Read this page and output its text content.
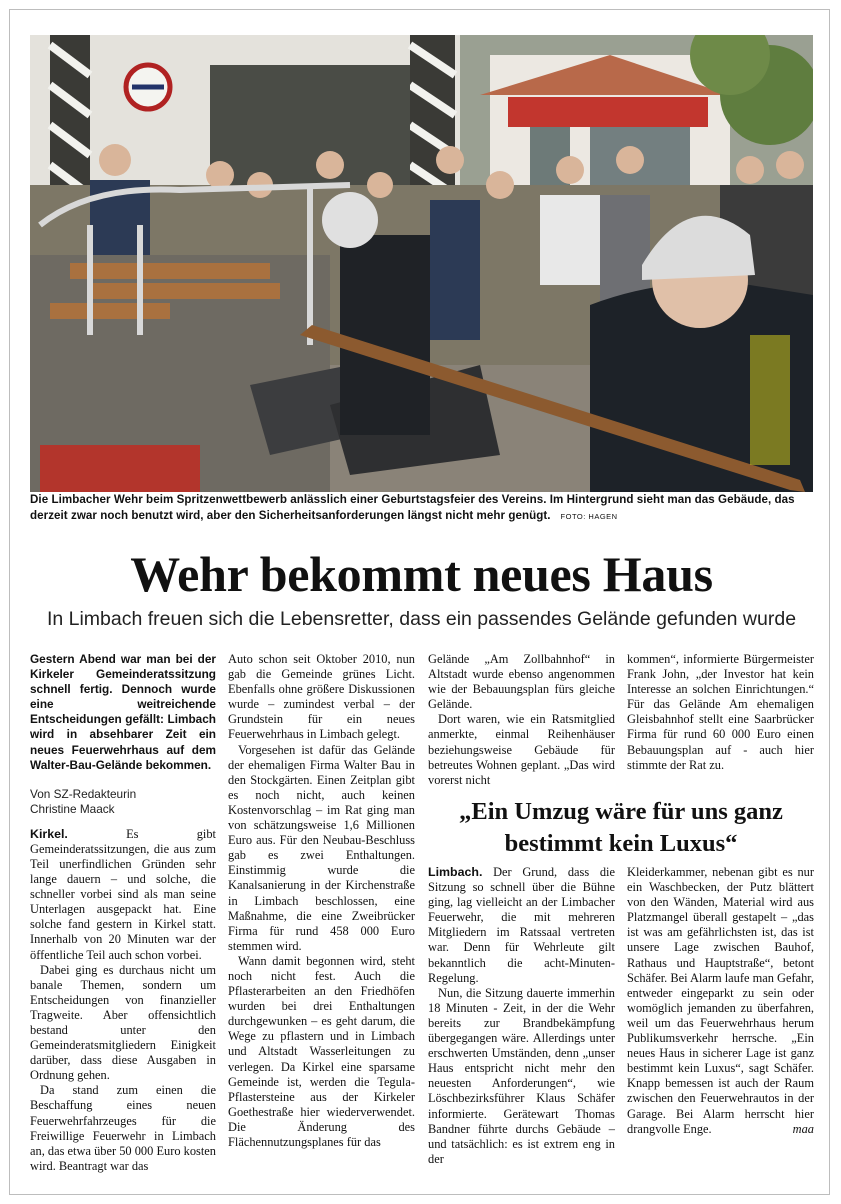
Die Limbacher Wehr beim Spritzenwettbewerb anlässlich einer Geburtstagsfeier des Vereins. Im Hintergrund sieht man das Gebäude, das derzeit zwar noch benutzt wird, aber den Sicherheitsanforderungen längst nicht mehr genügt. FOTO: HAGEN
Wehr bekommt neues Haus
In Limbach freuen sich die Lebensretter, dass ein passendes Gelände gefunden wurde

Gestern Abend war man bei der Kirkeler Gemeinderatssitzung schnell fertig. Dennoch wurde eine weitreichende Entscheidungen gefällt: Limbach wird in absehbarer Zeit ein neues Feuerwehrhaus auf dem Walter-Bau-Gelände bekommen.

Von SZ-Redakteurin
Christine Maack

Kirkel.	Es gibt Gemeinderatssitzungen, die aus zum Teil unerfindlichen Gründen sehr lange dauern – und solche, die schneller vorbei sind als man seine Unterlagen ausgepackt hat. Eine solche fand gestern in Kirkel statt. Innerhalb von 20 Minuten war der öffentliche Teil auch schon vorbei.

Dabei ging es durchaus nicht um banale Themen, sondern um Entscheidungen von finanzieller Tragweite. Aber offensichtlich bestand unter den Gemeinderatsmitgliedern Einigkeit darüber, dass diese Ausgaben in Ordnung gehen.

Da stand zum einen die Beschaffung eines neuen Feuerwehrfahrzeuges für die Freiwillige Feuerwehr in Limbach an, das etwa über 50 000 Euro kosten wird. Beantragt war das

Auto schon seit Oktober 2010, nun gab die Gemeinde grünes Licht. Ebenfalls ohne größere Diskussionen wurde – zumindest verbal – der Grundstein für ein neues Feuerwehrhaus in Limbach gelegt.

Vorgesehen ist dafür das Gelände der ehemaligen Firma Walter Bau in den Stockgärten. Einen Zeitplan gibt es noch nicht, auch keinen Kostenvorschlag – im Rat ging man von schätzungsweise 1,6 Millionen Euro aus. Für den Neubau-Beschluss gab es zwei Enthaltungen. Einstimmig wurde die Kanalsanierung in der Kirchenstraße in Limbach beschlossen, eine Maßnahme, die eine Zweibrücker Firma für rund 458 000 Euro stemmen wird.

Wann damit begonnen wird, steht noch nicht fest. Auch die Pflasterarbeiten an den Friedhöfen wurden bei drei Enthaltungen durchgewunken – es geht darum, die Wege zu pflastern und in Limbach und Altstadt Wasserleitungen zu verlegen. Da Kirkel eine sparsame Gemeinde ist, werden die Tegula-Pflastersteine aus der Kirkeler Goethestraße hier wiederverwendet. Die Änderung des Flächennutzungsplanes für das

Gelände „Am Zollbahnhof“ in Altstadt wurde ebenso angenommen wie der Bebauungsplan fürs gleiche Gelände.

Dort waren, wie ein Ratsmitglied anmerkte, einmal Reihenhäuser beziehungsweise Gebäude für betreutes Wohnen geplant. „Das wird vorerst nicht

kommen“, informierte Bürgermeister Frank John, „der Investor hat kein Interesse an solchen Einrichtungen.“ Für das Gelände Am ehemaligen Gleisbahnhof stellt eine Saarbrücker Firma für rund 60 000 Euro einen Bebauungsplan auf - auch hier stimmte der Rat zu.

„Ein Umzug wäre für uns ganz bestimmt kein Luxus“

Limbach. Der Grund, dass die Sitzung so schnell über die Bühne ging, lag vielleicht an der Limbacher Feuerwehr, die mit mehreren Mitgliedern im Ratssaal vertreten war. Denn für Wehrleute gilt bekanntlich die acht-Minuten-Regelung.

Nun, die Sitzung dauerte immerhin 18 Minuten - Zeit, in der die Wehr bereits zur Brandbekämpfung übergegangen wäre. Allerdings unter erschwerten Umständen, denn „unser Haus entspricht nicht mehr den neuesten Anforderungen“, wie Löschbezirksführer Klaus Schäfer informierte. Gerätewart Thomas Bandner führte durchs Gebäude – und tatsächlich: es ist extrem eng in der

Kleiderkammer, nebenan gibt es nur ein Waschbecken, der Putz blättert von den Wänden, Material wird aus Platzmangel überall gestapelt – „das ist was am gefährlichsten ist, das ist unsere Lage zwischen Bauhof, Rathaus und Hauptstraße“, betont Schäfer. Bei Alarm laufe man Gefahr, entweder eingeparkt zu sein oder womöglich jemanden zu überfahren, weil um das Feuerwehrhaus herum Publikumsverkehr herrsche. „Ein neues Haus in sicherer Lage ist ganz bestimmt kein Luxus“, sagt Schäfer. Knapp bemessen ist auch der Raum zwischen den Feuerwehrautos in der Garage. Bei Alarm herrscht hier drangvolle Enge.	maa
